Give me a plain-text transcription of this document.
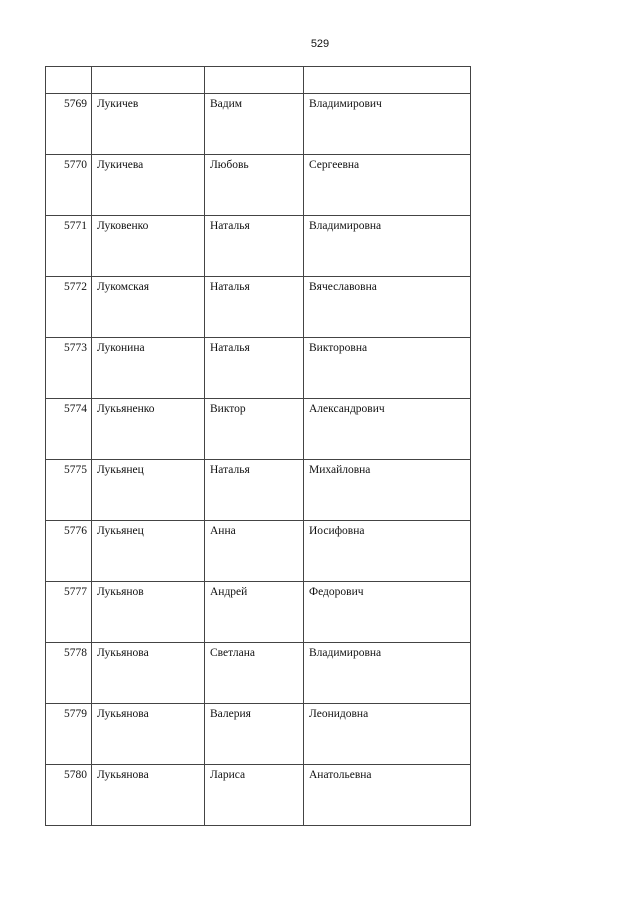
529

5769	Лукичев	Вадим	Владимирович
5770	Лукичева	Любовь	Сергеевна
5771	Луковенко	Наталья	Владимировна
5772	Лукомская	Наталья	Вячеславовна
5773	Луконина	Наталья	Викторовна
5774	Лукьяненко	Виктор	Александрович
5775	Лукьянец	Наталья	Михайловна
5776	Лукьянец	Анна	Иосифовна
5777	Лукьянов	Андрей	Федорович
5778	Лукьянова	Светлана	Владимировна
5779	Лукьянова	Валерия	Леонидовна
5780	Лукьянова	Лариса	Анатольевна
